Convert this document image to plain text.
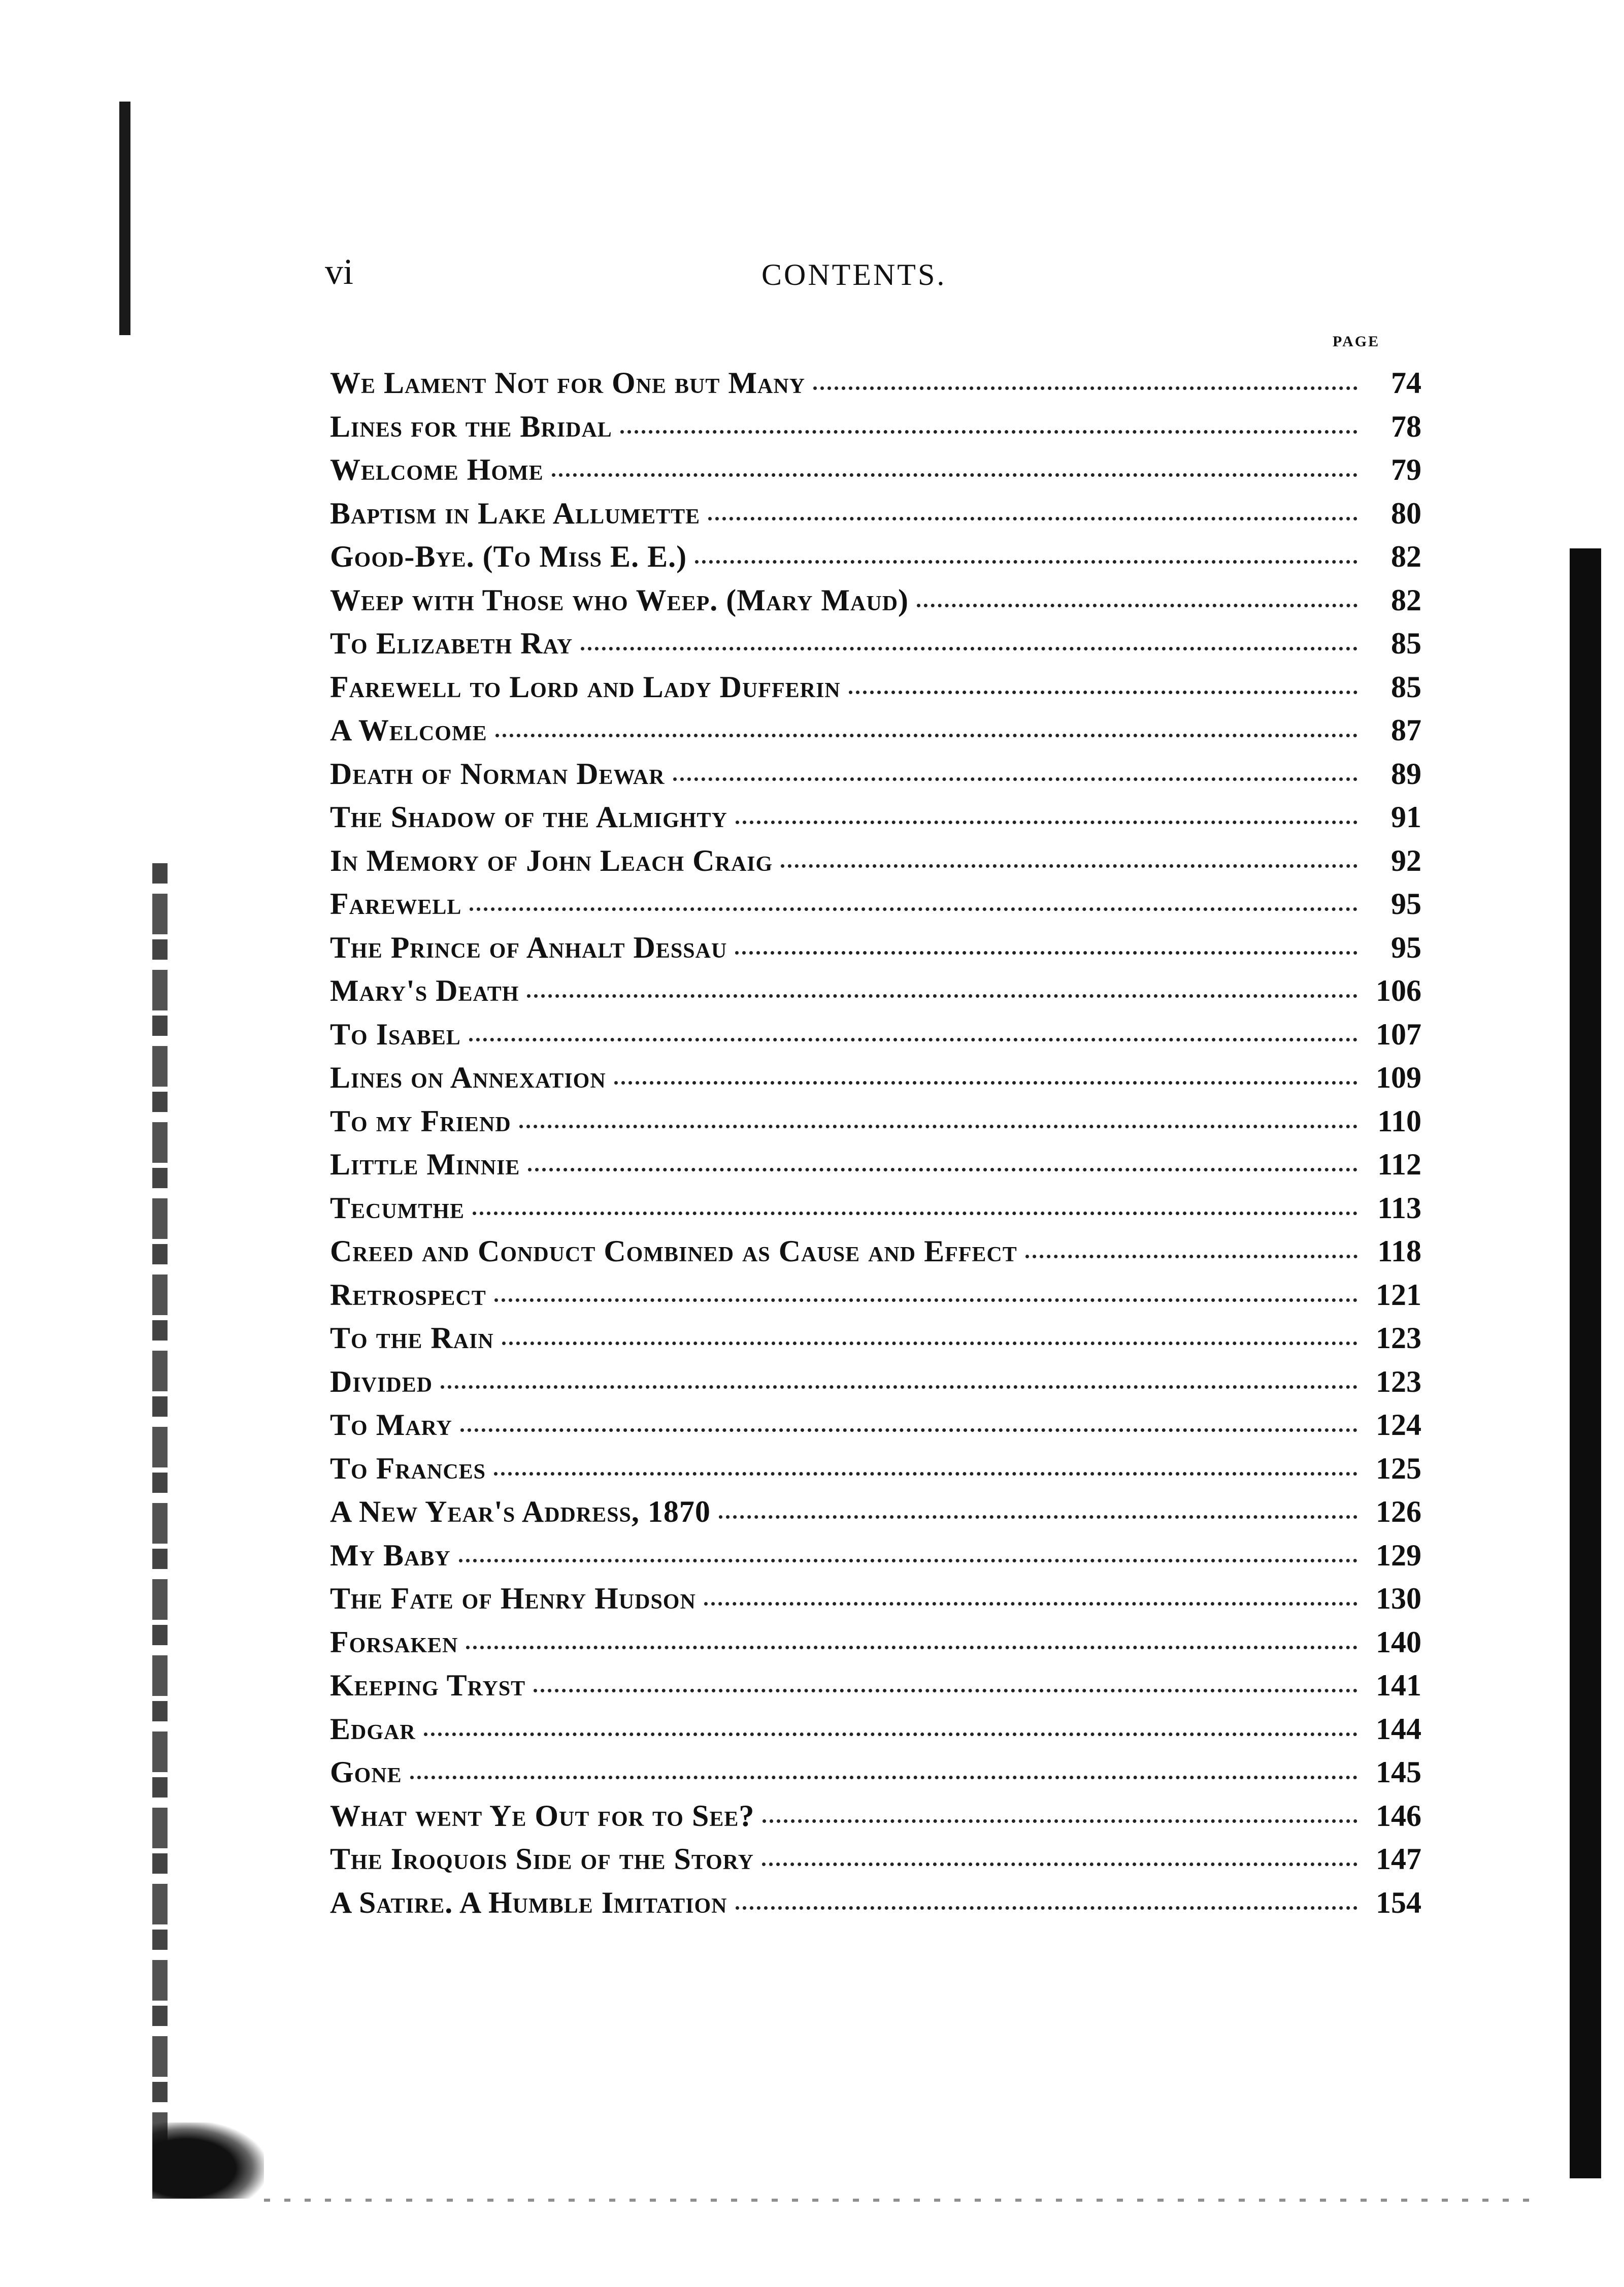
vi	CONTENTS.
PAGE
We Lament Not for One but Many	74
Lines for the Bridal	78
Welcome Home	79
Baptism in Lake Allumette	80
Good-Bye. (To Miss E. E.)	82
Weep with Those who Weep. (Mary Maud)	82
To Elizabeth Ray	85
Farewell to Lord and Lady Dufferin	85
A Welcome	87
Death of Norman Dewar	89
The Shadow of the Almighty	91
In Memory of John Leach Craig	92
Farewell	95
The Prince of Anhalt Dessau	95
Mary's Death	106
To Isabel	107
Lines on Annexation	109
To my Friend	110
Little Minnie	112
Tecumthe	113
Creed and Conduct Combined as Cause and Effect	118
Retrospect	121
To the Rain	123
Divided	123
To Mary	124
To Frances	125
A New Year's Address, 1870	126
My Baby	129
The Fate of Henry Hudson	130
Forsaken	140
Keeping Tryst	141
Edgar	144
Gone	145
What went Ye Out for to See?	146
The Iroquois Side of the Story	147
A Satire. A Humble Imitation	154
